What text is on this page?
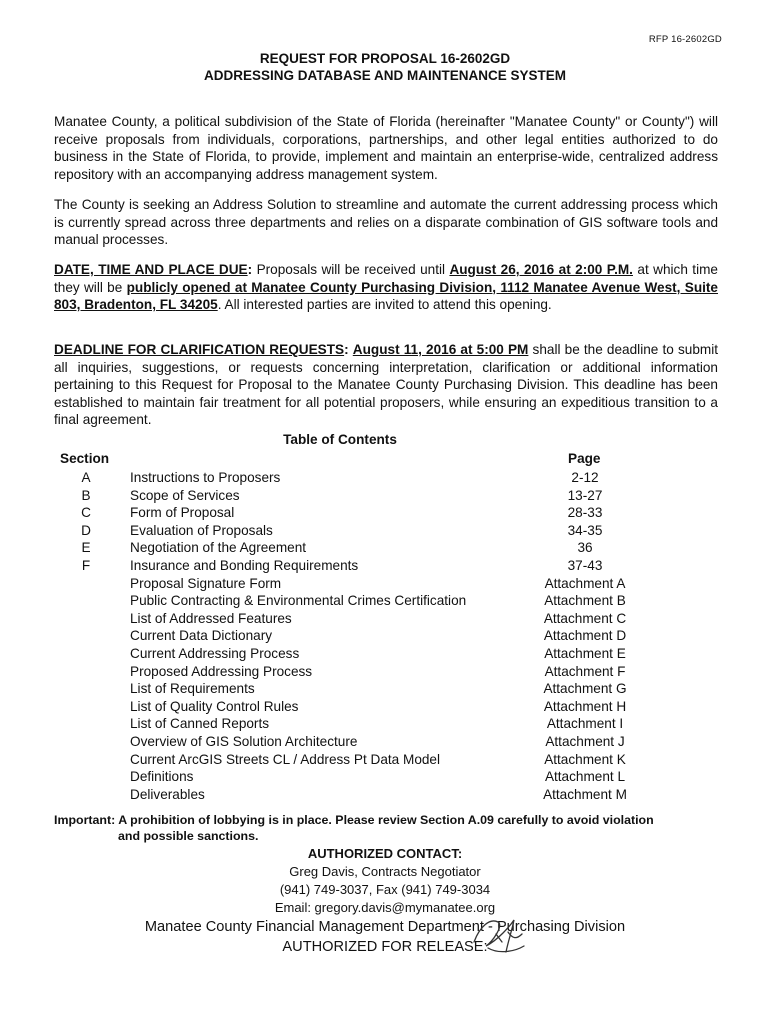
RFP 16-2602GD
REQUEST FOR PROPOSAL 16-2602GD
ADDRESSING DATABASE AND MAINTENANCE SYSTEM

Manatee County, a political subdivision of the State of Florida (hereinafter "Manatee County" or County") will receive proposals from individuals, corporations, partnerships, and other legal entities authorized to do business in the State of Florida, to provide, implement and maintain an enterprise-wide, centralized address repository with an accompanying address management system.

The County is seeking an Address Solution to streamline and automate the current addressing process which is currently spread across three departments and relies on a disparate combination of GIS software tools and manual processes.

DATE, TIME AND PLACE DUE: Proposals will be received until August 26, 2016 at 2:00 P.M. at which time they will be publicly opened at Manatee County Purchasing Division, 1112 Manatee Avenue West, Suite 803, Bradenton, FL 34205. All interested parties are invited to attend this opening.

DEADLINE FOR CLARIFICATION REQUESTS: August 11, 2016 at 5:00 PM shall be the deadline to submit all inquiries, suggestions, or requests concerning interpretation, clarification or additional information pertaining to this Request for Proposal to the Manatee County Purchasing Division. This deadline has been established to maintain fair treatment for all potential proposers, while ensuring an expeditious transition to a final agreement.

Table of Contents
Section	Page
A	Instructions to Proposers	2-12
B	Scope of Services	13-27
C	Form of Proposal	28-33
D	Evaluation of Proposals	34-35
E	Negotiation of the Agreement	36
F	Insurance and Bonding Requirements	37-43
Proposal Signature Form	Attachment A
Public Contracting & Environmental Crimes Certification	Attachment B
List of Addressed Features	Attachment C
Current Data Dictionary	Attachment D
Current Addressing Process	Attachment E
Proposed Addressing Process	Attachment F
List of Requirements	Attachment G
List of Quality Control Rules	Attachment H
List of Canned Reports	Attachment I
Overview of GIS Solution Architecture	Attachment J
Current ArcGIS Streets CL / Address Pt Data Model	Attachment K
Definitions	Attachment L
Deliverables	Attachment M

Important: A prohibition of lobbying is in place. Please review Section A.09 carefully to avoid violation
and possible sanctions.

AUTHORIZED CONTACT:
Greg Davis, Contracts Negotiator
(941) 749-3037, Fax (941) 749-3034
Email: gregory.davis@mymanatee.org
Manatee County Financial Management Department - Purchasing Division
AUTHORIZED FOR RELEASE:
